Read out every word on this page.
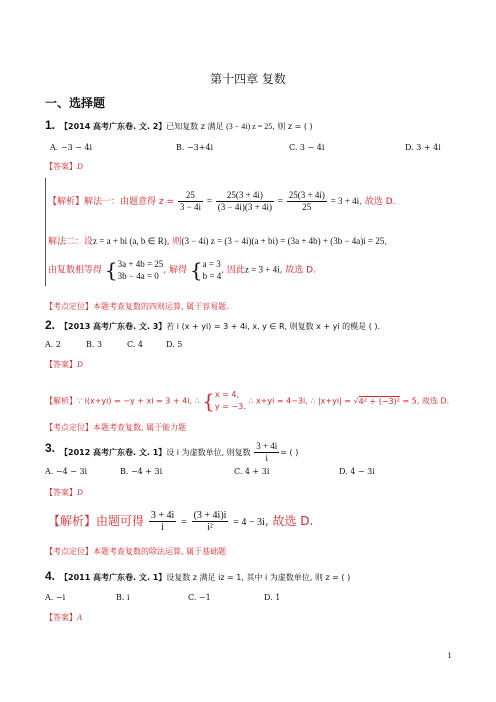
第十四章 复数
一、选择题
1. 【2014 高考广东卷. 文. 2】已知复数 z 满足 (3 − 4i) z = 25, 则 z = ( )
A. −3 − 4i	B. −3+4i	C. 3 − 4i	D. 3 + 4i
【答案】D
【解析】解法一：由题意得 $z = \frac{25}{3 - 4i} = \frac{25(3 + 4i)}{(3 - 4i)(3 + 4i)} = \frac{25(3 + 4i)}{25} = 3 + 4i$, 故选 D.
解法二：设z = a + bi (a, b ∈ R), 则(3 − 4i) z = (3 − 4i)(a + bi) = (3a + 4b) + (3b − 4a)i = 25,
由复数相等得 { 3a + 4b = 25
3b − 4a = 0
, 解得 { a = 3
b = 4
, 因此z = 3 + 4i, 故选 D.
【考点定位】本题考查复数的四则运算, 属于容易题.
2. 【2013 高考广东卷. 文. 3】若 i (x + yi) = 3 + 4i, x, y ∈ R, 则复数 x + yi 的模是 ( ).
A. 2	B. 3	C. 4	D. 5
【答案】D
【解析】∵ i(x+yi) = −y + xi = 3 + 4i, ∴ { x = 4,
y = −3.
∴ x+yi = 4−3i, ∴ |x+yi| = √4² + (−3)² = 5, 故选 D.
【考点定位】本题考查复数, 属于能力题
3. 【2012 高考广东卷. 文. 1】设 i 为虚数单位, 则复数 $\frac{3 + 4i}{i}$ = ( )
A. −4 − 3i	B. −4 + 3i	C. 4 + 3i	D. 4 − 3i
【答案】D
【解析】由题可得 $\frac{3 + 4i}{i} = \frac{(3 + 4i)i}{\text{i²}} = 4 - 3i$, 故选 D.
【考点定位】本题考查复数的除法运算, 属于基础题
4. 【2011 高考广东卷. 文. 1】设复数 z 满足 iz = 1, 其中 i 为虚数单位, 则 z = ( )
A. −i	B. i	C. −1	D. 1
【答案】A
1
